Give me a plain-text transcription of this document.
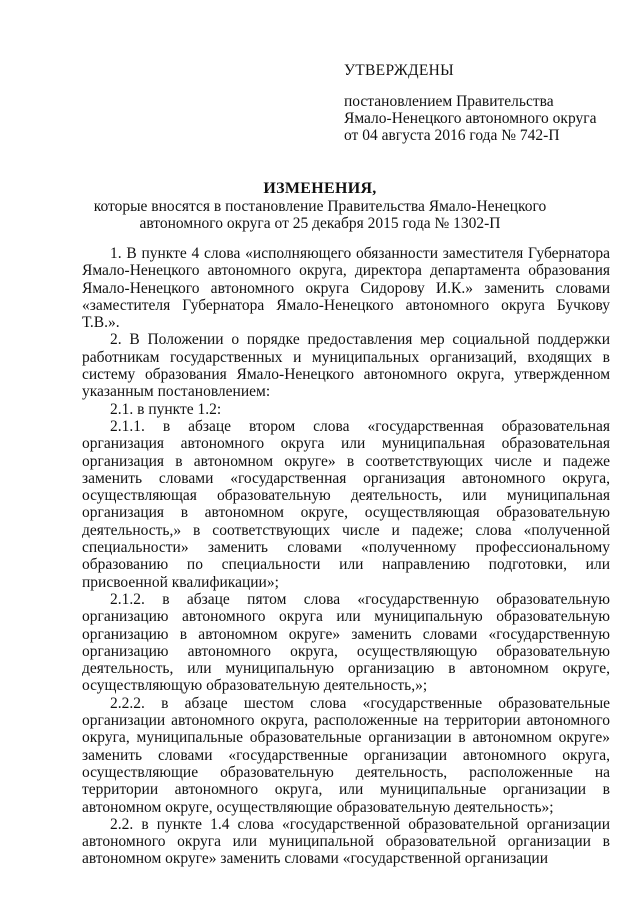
УТВЕРЖДЕНЫ

постановлением Правительства

Ямало-Ненецкого автономного округа

от 04 августа 2016 года № 742-П

ИЗМЕНЕНИЯ,

которые вносятся в постановление Правительства Ямало-Ненецкого

автономного округа от 25 декабря 2015 года № 1302-П

1. В пункте 4 слова «исполняющего обязанности заместителя Губернатора Ямало-Ненецкого автономного округа, директора департамента образования Ямало-Ненецкого автономного округа Сидорову И.К.» заменить словами «заместителя Губернатора Ямало-Ненецкого автономного округа Бучкову Т.В.».

2. В Положении о порядке предоставления мер социальной поддержки работникам государственных и муниципальных организаций, входящих в систему образования Ямало-Ненецкого автономного округа, утвержденном указанным постановлением:

2.1. в пункте 1.2:

2.1.1. в абзаце втором слова «государственная образовательная организация автономного округа или муниципальная образовательная организация в автономном округе» в соответствующих числе и падеже заменить словами «государственная организация автономного округа, осуществляющая образовательную деятельность, или муниципальная организация в автономном округе, осуществляющая образовательную деятельность,» в соответствующих числе и падеже; слова «полученной специальности» заменить словами «полученному профессиональному образованию по специальности или направлению подготовки, или присвоенной квалификации»;

2.1.2. в абзаце пятом слова «государственную образовательную организацию автономного округа или муниципальную образовательную организацию в автономном округе» заменить словами «государственную организацию автономного округа, осуществляющую образовательную деятельность, или муниципальную организацию в автономном округе, осуществляющую образовательную деятельность,»;

2.2.2. в абзаце шестом слова «государственные образовательные организации автономного округа, расположенные на территории автономного округа, муниципальные образовательные организации в автономном округе» заменить словами «государственные организации автономного округа, осуществляющие образовательную деятельность, расположенные на территории автономного округа, или муниципальные организации в автономном округе, осуществляющие образовательную деятельность»;

2.2. в пункте 1.4 слова «государственной образовательной организации автономного округа или муниципальной образовательной организации в автономном округе» заменить словами «государственной организации
